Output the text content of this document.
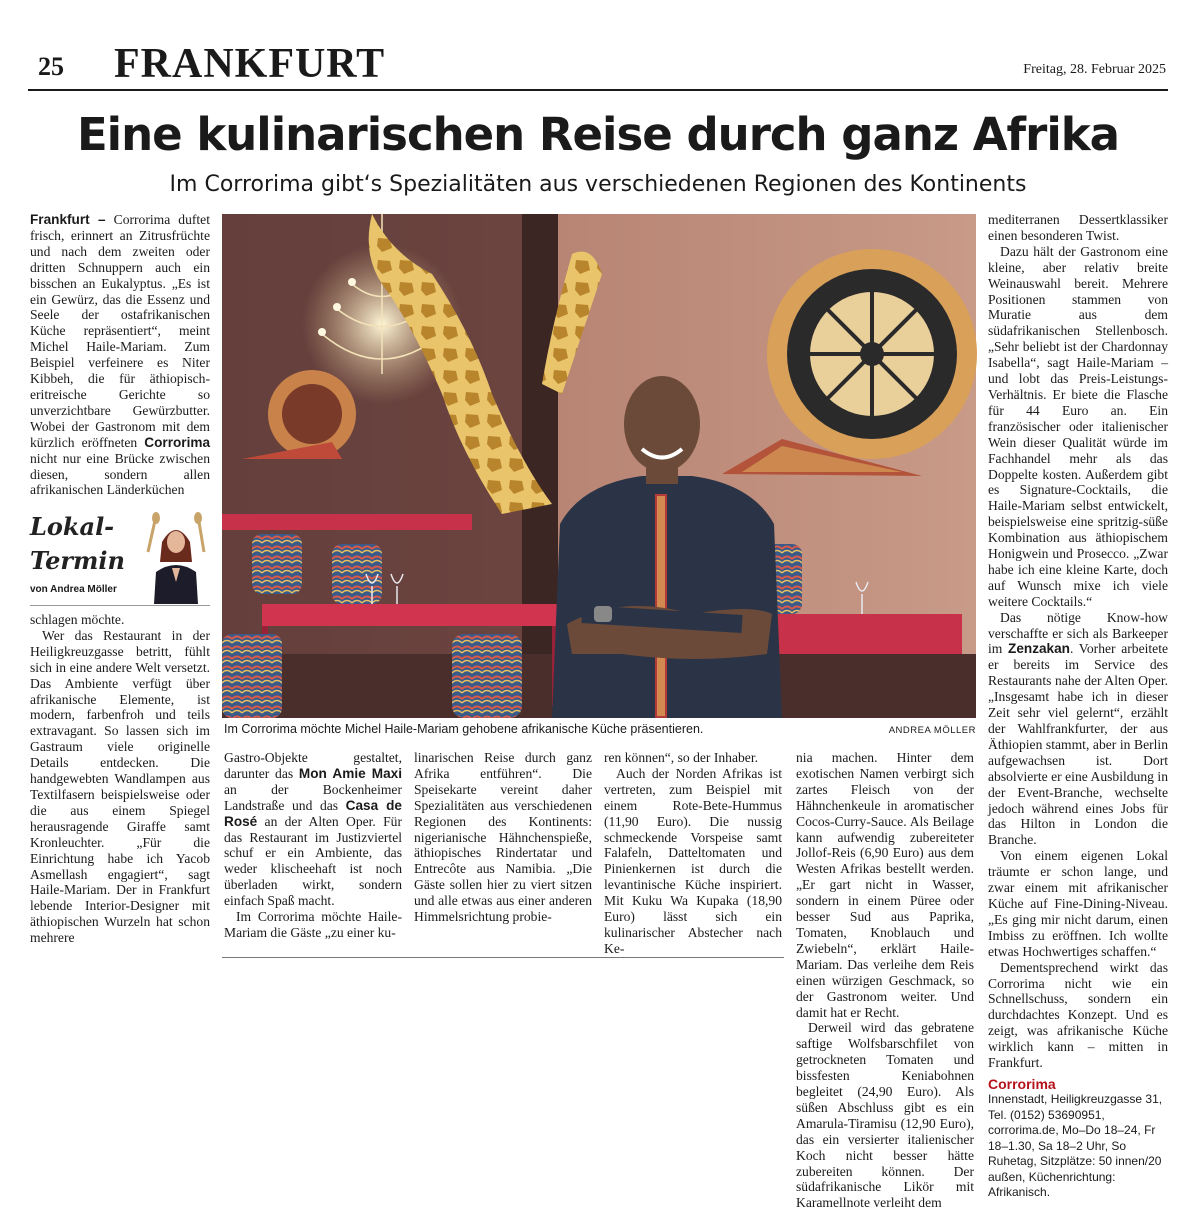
25 FRANKFURT	Freitag, 28. Februar 2025
Eine kulinarischen Reise durch ganz Afrika
Im Corrorima gibt‘s Spezialitäten aus verschiedenen Regionen des Kontinents

Frankfurt – Corrorima duftet frisch, erinnert an Zitrusfrüchte und nach dem zweiten oder dritten Schnuppern auch ein bisschen an Eukalyptus. „Es ist ein Gewürz, das die Essenz und Seele der ostafrikanischen Küche repräsentiert“, meint Michel Haile-Mariam. Zum Beispiel verfeinere es Niter Kibbeh, die für äthiopisch-eritreische Gerichte so unverzichtbare Gewürzbutter. Wobei der Gastronom mit dem kürzlich eröffneten Corrorima nicht nur eine Brücke zwischen diesen, sondern allen afrikanischen Länderküchen

Lokal-
Termin
von Andrea Möller

schlagen möchte.

Wer das Restaurant in der Heiligkreuzgasse betritt, fühlt sich in eine andere Welt versetzt. Das Ambiente verfügt über afrikanische Elemente, ist modern, farbenfroh und teils extravagant. So lassen sich im Gastraum viele originelle Details entdecken. Die handgewebten Wandlampen aus Textilfasern beispielsweise oder die aus einem Spiegel herausragende Giraffe samt Kronleuchter. „Für die Einrichtung habe ich Yacob Asmellash engagiert“, sagt Haile-Mariam. Der in Frankfurt lebende Interior-Designer mit äthiopischen Wurzeln hat schon mehrere

Im Corrorima möchte Michel Haile-Mariam gehobene afrikanische Küche präsentieren.	ANDREA MÖLLER

Gastro-Objekte gestaltet, darunter das Mon Amie Maxi an der Bockenheimer Landstraße und das Casa de Rosé an der Alten Oper. Für das Restaurant im Justizviertel schuf er ein Ambiente, das weder klischeehaft ist noch überladen wirkt, sondern einfach Spaß macht.

Im Corrorima möchte Haile-Mariam die Gäste „zu einer ku-

linarischen Reise durch ganz Afrika entführen“. Die Speisekarte vereint daher Spezialitäten aus verschiedenen Regionen des Kontinents: nigerianische Hähnchenspieße, äthiopisches Rindertatar und Entrecôte aus Namibia. „Die Gäste sollen hier zu viert sitzen und alle etwas aus einer anderen Himmelsrichtung probie-

ren können“, so der Inhaber.

Auch der Norden Afrikas ist vertreten, zum Beispiel mit einem Rote-Bete-Hummus (11,90 Euro). Die nussig schmeckende Vorspeise samt Falafeln, Datteltomaten und Pinienkernen ist durch die levantinische Küche inspiriert. Mit Kuku Wa Kupaka (18,90 Euro) lässt sich ein kulinarischer Abstecher nach Ke-

nia machen. Hinter dem exotischen Namen verbirgt sich zartes Fleisch von der Hähnchenkeule in aromatischer Cocos-Curry-Sauce. Als Beilage kann aufwendig zubereiteter Jollof-Reis (6,90 Euro) aus dem Westen Afrikas bestellt werden. „Er gart nicht in Wasser, sondern in einem Püree oder besser Sud aus Paprika, Tomaten, Knoblauch und Zwiebeln“, erklärt Haile-Mariam. Das verleihe dem Reis einen würzigen Geschmack, so der Gastronom weiter. Und damit hat er Recht.

Derweil wird das gebratene saftige Wolfsbarschfilet von getrockneten Tomaten und bissfesten Keniabohnen begleitet (24,90 Euro). Als süßen Abschluss gibt es ein Amarula-Tiramisu (12,90 Euro), das ein versierter italienischer Koch nicht besser hätte zubereiten können. Der südafrikanische Likör mit Karamellnote verleiht dem

mediterranen Dessertklassiker einen besonderen Twist.

Dazu hält der Gastronom eine kleine, aber relativ breite Weinauswahl bereit. Mehrere Positionen stammen von Muratie aus dem südafrikanischen Stellenbosch. „Sehr beliebt ist der Chardonnay Isabella“, sagt Haile-Mariam – und lobt das Preis-Leistungs-Verhältnis. Er biete die Flasche für 44 Euro an. Ein französischer oder italienischer Wein dieser Qualität würde im Fachhandel mehr als das Doppelte kosten. Außerdem gibt es Signature-Cocktails, die Haile-Mariam selbst entwickelt, beispielsweise eine spritzig-süße Kombination aus äthiopischem Honigwein und Prosecco. „Zwar habe ich eine kleine Karte, doch auf Wunsch mixe ich viele weitere Cocktails.“

Das nötige Know-how verschaffte er sich als Barkeeper im Zenzakan. Vorher arbeitete er bereits im Service des Restaurants nahe der Alten Oper. „Insgesamt habe ich in dieser Zeit sehr viel gelernt“, erzählt der Wahlfrankfurter, der aus Äthiopien stammt, aber in Berlin aufgewachsen ist. Dort absolvierte er eine Ausbildung in der Event-Branche, wechselte jedoch während eines Jobs für das Hilton in London die Branche.

Von einem eigenen Lokal träumte er schon lange, und zwar einem mit afrikanischer Küche auf Fine-Dining-Niveau. „Es ging mir nicht darum, einen Imbiss zu eröffnen. Ich wollte etwas Hochwertiges schaffen.“

Dementsprechend wirkt das Corrorima nicht wie ein Schnellschuss, sondern ein durchdachtes Konzept. Und es zeigt, was afrikanische Küche wirklich kann – mitten in Frankfurt.

Corrorima
Innenstadt, Heiligkreuzgasse 31, Tel. (0152) 53690951, corrorima.de, Mo–Do 18–24, Fr 18–1.30, Sa 18–2 Uhr, So Ruhetag, Sitzplätze: 50 innen/20 außen, Küchenrichtung: Afrikanisch.
